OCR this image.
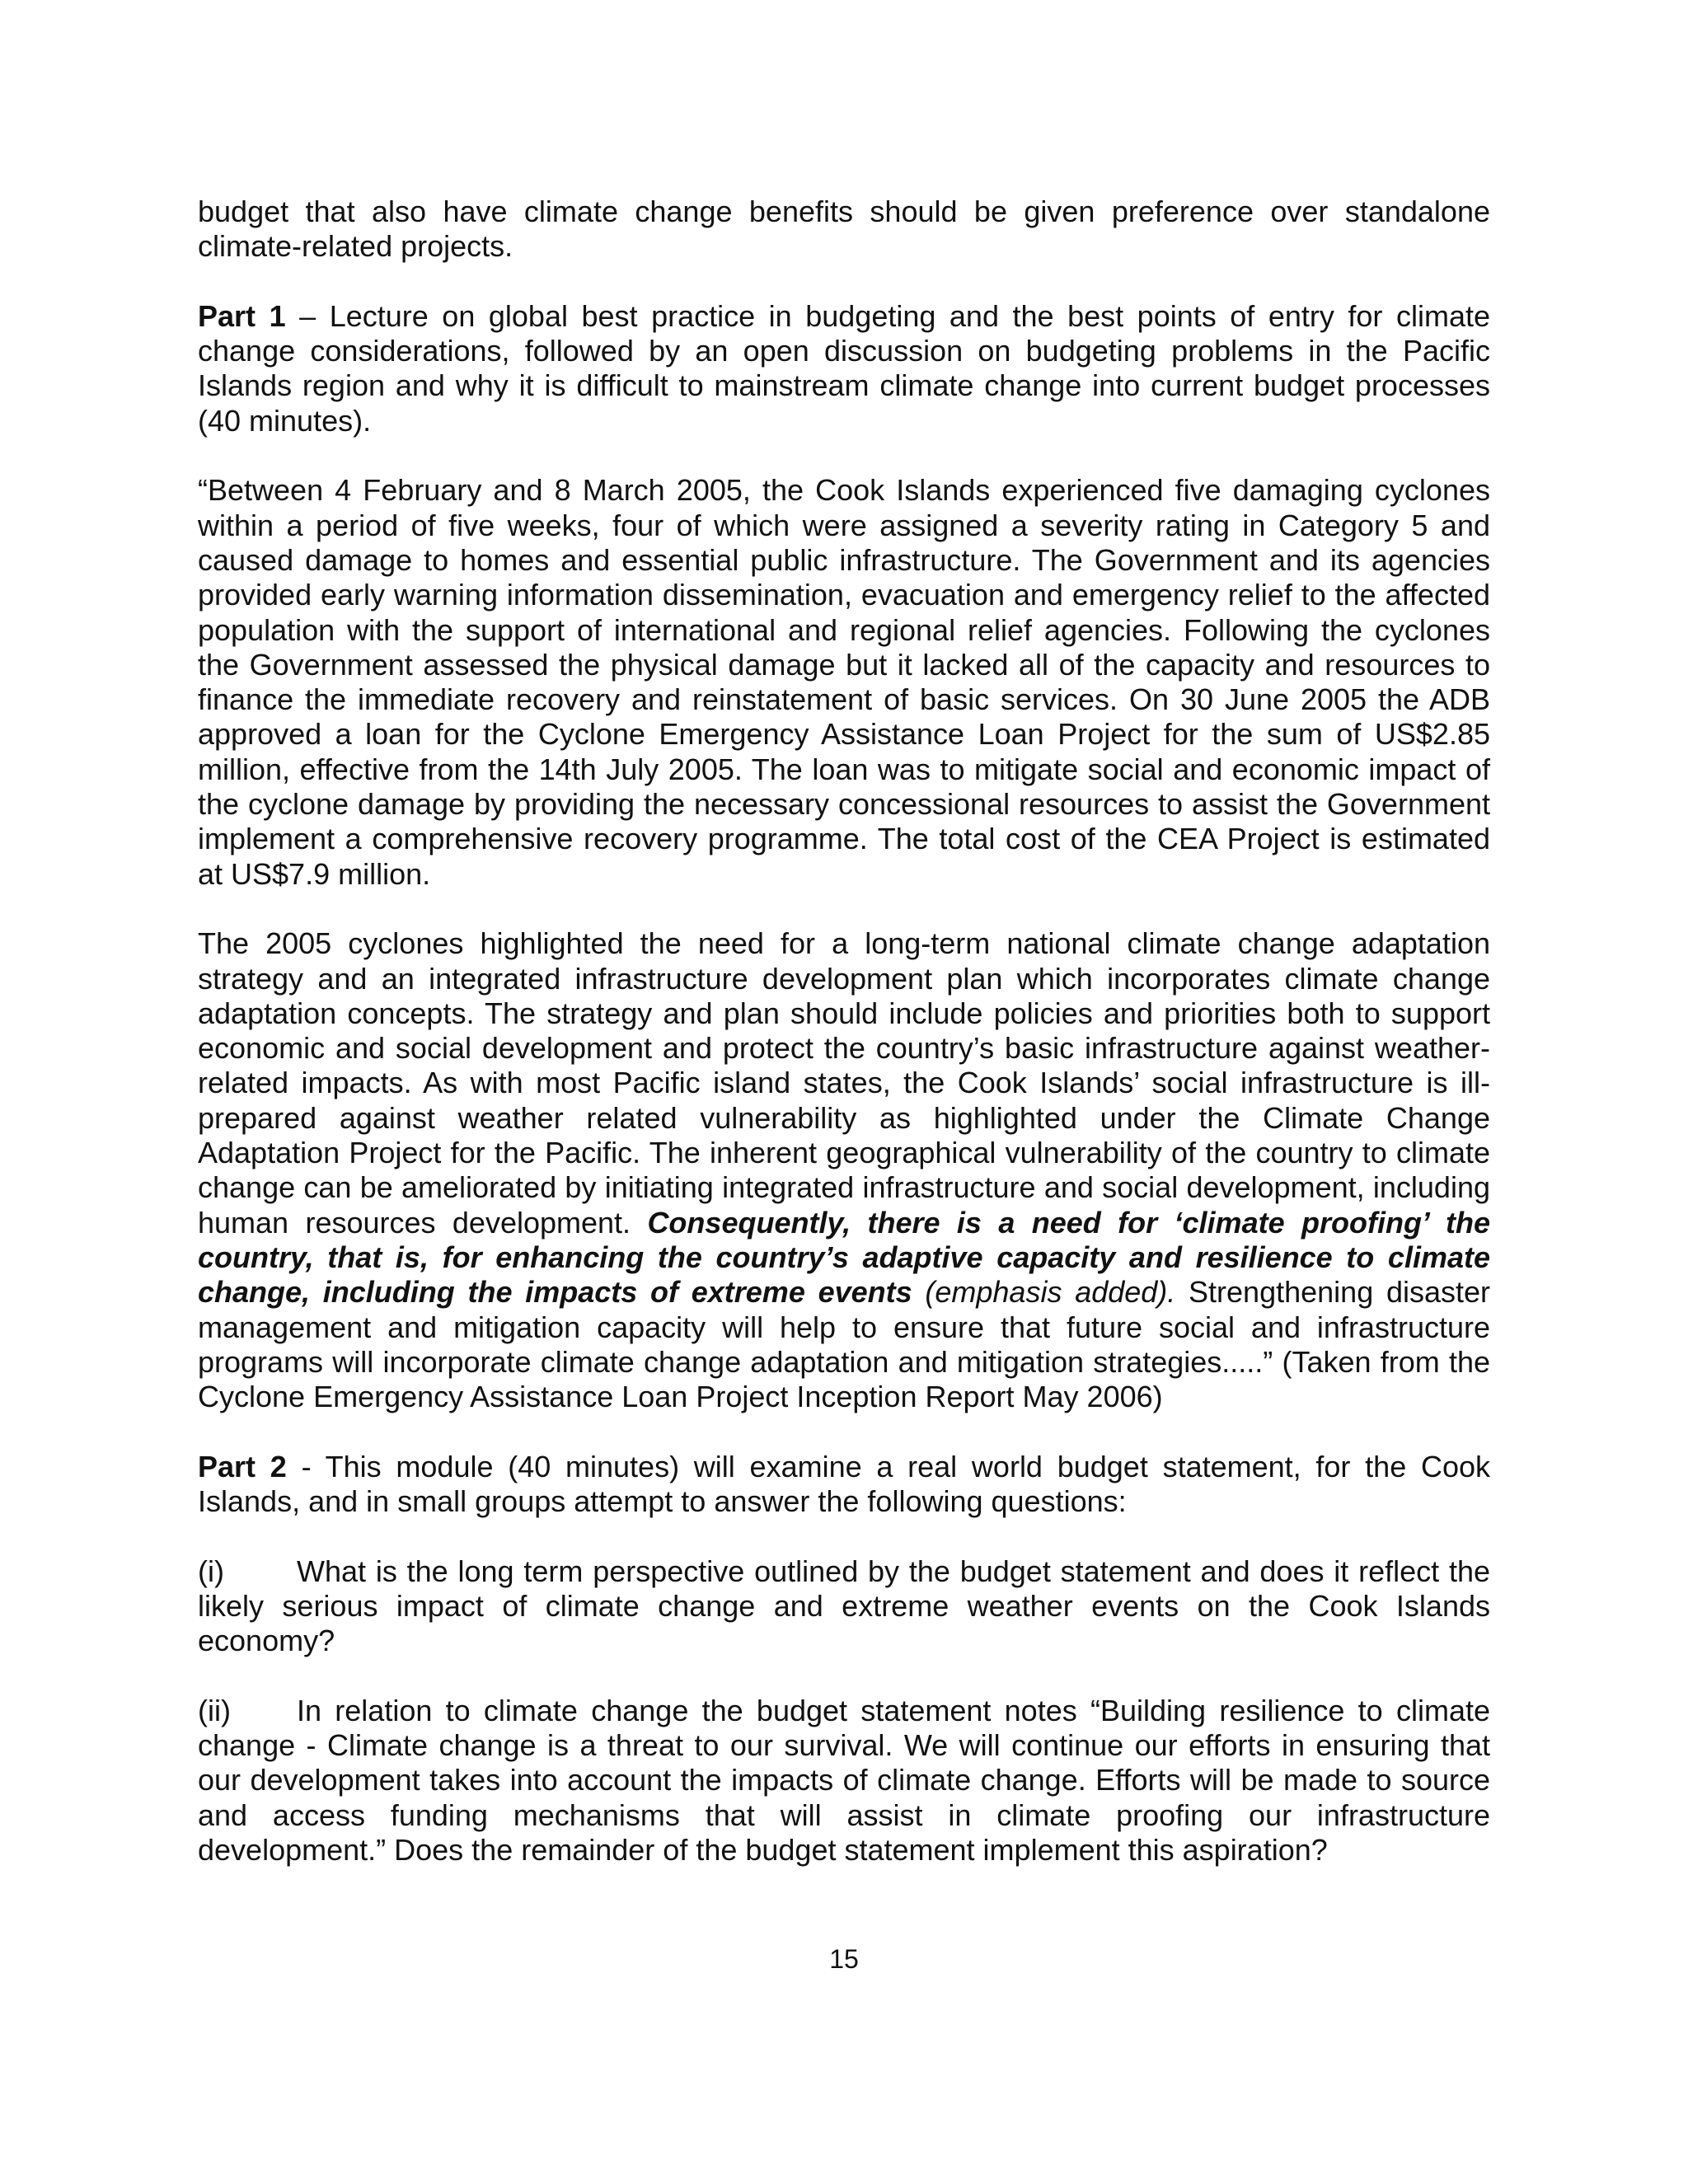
budget that also have climate change benefits should be given preference over standalone climate-related projects.

Part 1 – Lecture on global best practice in budgeting and the best points of entry for climate change considerations, followed by an open discussion on budgeting problems in the Pacific Islands region and why it is difficult to mainstream climate change into current budget processes (40 minutes).

“Between 4 February and 8 March 2005, the Cook Islands experienced five damaging cyclones within a period of five weeks, four of which were assigned a severity rating in Category 5 and caused damage to homes and essential public infrastructure. The Government and its agencies provided early warning information dissemination, evacuation and emergency relief to the affected population with the support of international and regional relief agencies. Following the cyclones the Government assessed the physical damage but it lacked all of the capacity and resources to finance the immediate recovery and reinstatement of basic services. On 30 June 2005 the ADB approved a loan for the Cyclone Emergency Assistance Loan Project for the sum of US$2.85 million, effective from the 14th July 2005. The loan was to mitigate social and economic impact of the cyclone damage by providing the necessary concessional resources to assist the Government implement a comprehensive recovery programme. The total cost of the CEA Project is estimated at US$7.9 million.

The 2005 cyclones highlighted the need for a long-term national climate change adaptation strategy and an integrated infrastructure development plan which incorporates climate change adaptation concepts. The strategy and plan should include policies and priorities both to support economic and social development and protect the country’s basic infrastructure against weather-related impacts. As with most Pacific island states, the Cook Islands’ social infrastructure is ill-prepared against weather related vulnerability as highlighted under the Climate Change Adaptation Project for the Pacific. The inherent geographical vulnerability of the country to climate change can be ameliorated by initiating integrated infrastructure and social development, including human resources development. Consequently, there is a need for ‘climate proofing’ the country, that is, for enhancing the country’s adaptive capacity and resilience to climate change, including the impacts of extreme events (emphasis added). Strengthening disaster management and mitigation capacity will help to ensure that future social and infrastructure programs will incorporate climate change adaptation and mitigation strategies.....” (Taken from the Cyclone Emergency Assistance Loan Project Inception Report May 2006)

Part 2 - This module (40 minutes) will examine a real world budget statement, for the Cook Islands, and in small groups attempt to answer the following questions:

(i) What is the long term perspective outlined by the budget statement and does it reflect the likely serious impact of climate change and extreme weather events on the Cook Islands economy?

(ii) In relation to climate change the budget statement notes “Building resilience to climate change - Climate change is a threat to our survival. We will continue our efforts in ensuring that our development takes into account the impacts of climate change. Efforts will be made to source and access funding mechanisms that will assist in climate proofing our infrastructure development.” Does the remainder of the budget statement implement this aspiration?

15
